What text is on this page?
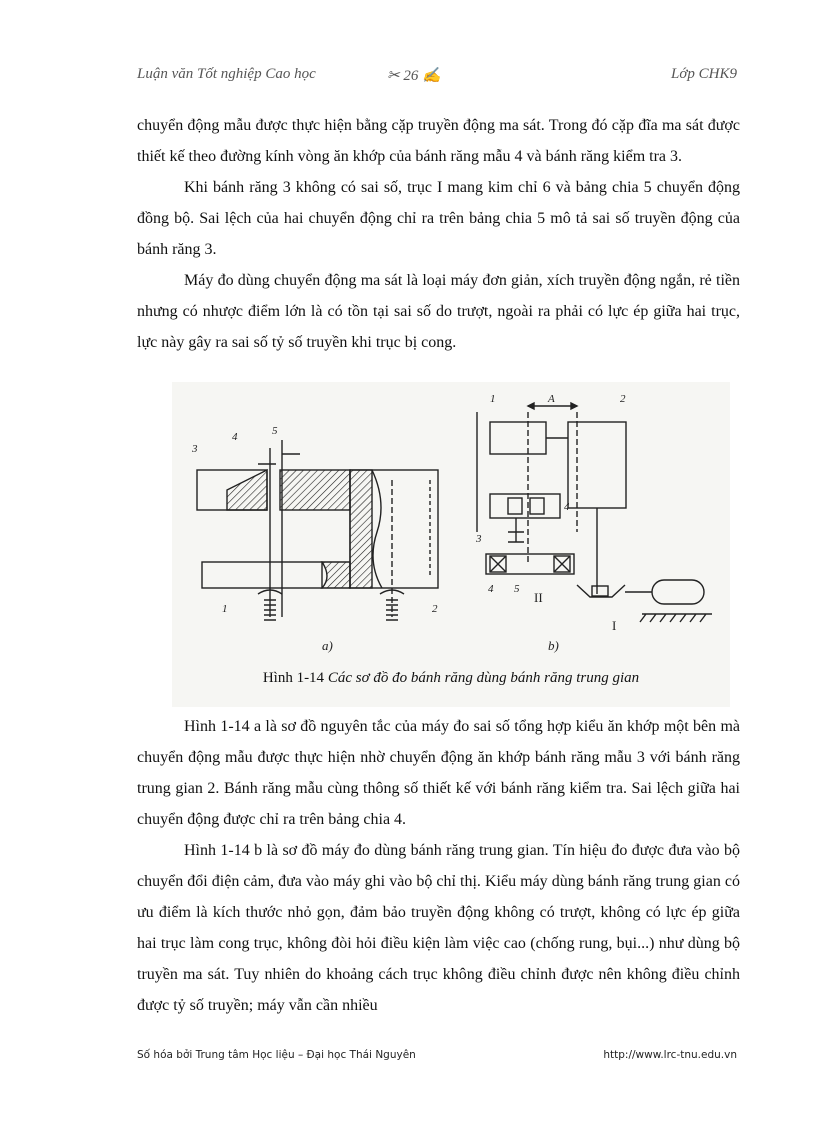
Luận văn Tốt nghiệp Cao học	✂ 26 ✍	Lớp CHK9

chuyển động mẫu được thực hiện bằng cặp truyền động ma sát. Trong đó cặp đĩa ma sát được thiết kế theo đường kính vòng ăn khớp của bánh răng mẫu 4 và bánh răng kiểm tra 3.

Khi bánh răng 3 không có sai số, trục I mang kim chỉ 6 và bảng chia 5 chuyển động đồng bộ. Sai lệch của hai chuyển động chỉ ra trên bảng chia 5 mô tả sai số truyền động của bánh răng 3.

Máy đo dùng chuyển động ma sát là loại máy đơn giản, xích truyền động ngắn, rẻ tiền nhưng có nhược điểm lớn là có tồn tại sai số do trượt, ngoài ra phải có lực ép giữa hai trục, lực này gây ra sai số tỷ số truyền khi trục bị cong.

3
4	5
1	2
a)
1	2
A
3
4 5
4
II
I
b)
Hình 1-14 Các sơ đồ đo bánh răng dùng bánh răng trung gian

Hình 1-14 a là sơ đồ nguyên tắc của máy đo sai số tổng hợp kiểu ăn khớp một bên mà chuyển động mẫu được thực hiện nhờ chuyển động ăn khớp bánh răng mẫu 3 với bánh răng trung gian 2. Bánh răng mẫu cùng thông số thiết kế với bánh răng kiểm tra. Sai lệch giữa hai chuyển động được chỉ ra trên bảng chia 4.

Hình 1-14 b là sơ đồ máy đo dùng bánh răng trung gian. Tín hiệu đo được đưa vào bộ chuyển đổi điện cảm, đưa vào máy ghi vào bộ chỉ thị. Kiểu máy dùng bánh răng trung gian có ưu điểm là kích thước nhỏ gọn, đảm bảo truyền động không có trượt, không có lực ép giữa hai trục làm cong trục, không đòi hỏi điều kiện làm việc cao (chống rung, bụi...) như dùng bộ truyền ma sát. Tuy nhiên do khoảng cách trục không điều chỉnh được nên không điều chỉnh được tỷ số truyền; máy vẫn cần nhiều

Số hóa bởi Trung tâm Học liệu – Đại học Thái Nguyên	http://www.lrc-tnu.edu.vn
